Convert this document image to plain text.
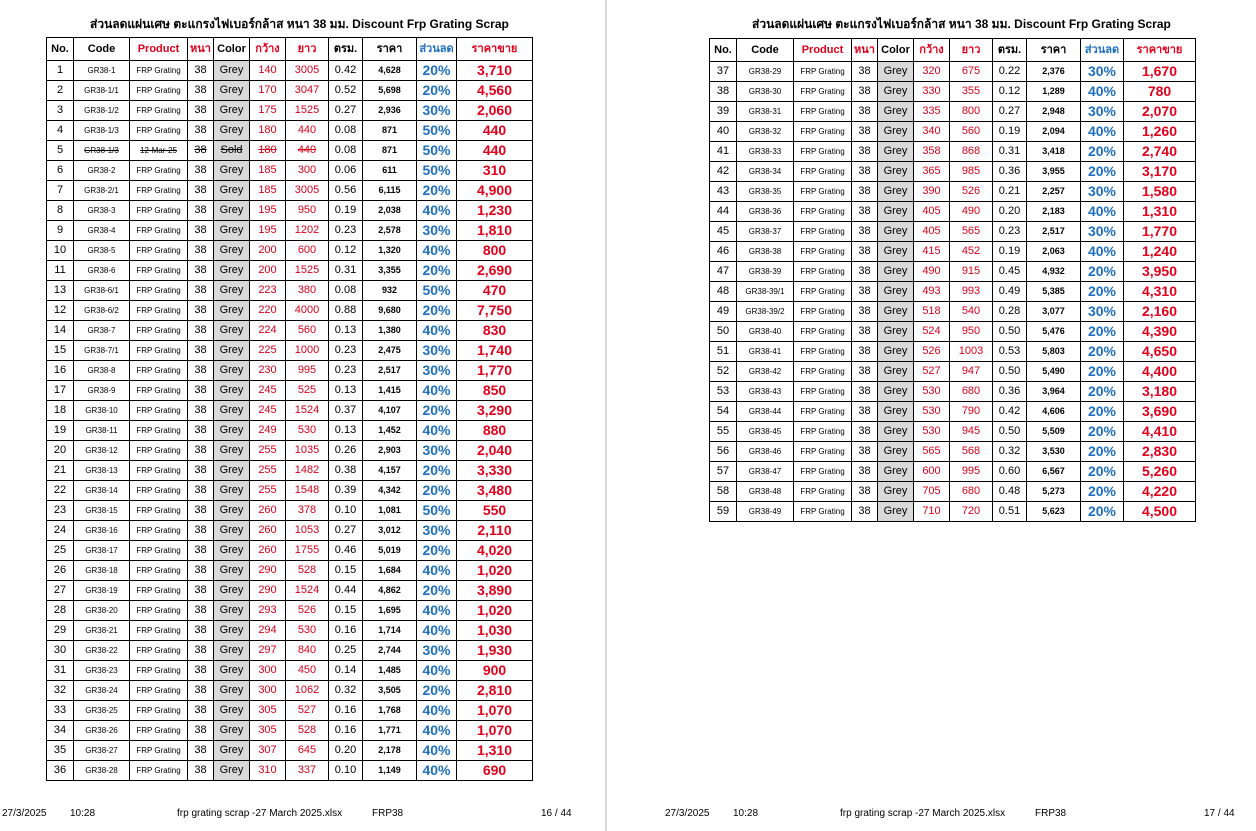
ส่วนลดแผ่นเศษ ตะแกรงไฟเบอร์กล้าส หนา 38 มม. Discount Frp Grating Scrap
No.	Code	Product	หนา	Color	กว้าง	ยาว	ตรม.	ราคา	ส่วนลด	ราคาขาย
1	GR38-1	FRP Grating	38	Grey	140	3005	0.42	4,628	20%	3,710
2	GR38-1/1	FRP Grating	38	Grey	170	3047	0.52	5,698	20%	4,560
3	GR38-1/2	FRP Grating	38	Grey	175	1525	0.27	2,936	30%	2,060
4	GR38-1/3	FRP Grating	38	Grey	180	440	0.08	871	50%	440
5	GR38-1/3	12-Mar-25	38	Sold	180	440	0.08	871	50%	440
6	GR38-2	FRP Grating	38	Grey	185	300	0.06	611	50%	310
7	GR38-2/1	FRP Grating	38	Grey	185	3005	0.56	6,115	20%	4,900
8	GR38-3	FRP Grating	38	Grey	195	950	0.19	2,038	40%	1,230
9	GR38-4	FRP Grating	38	Grey	195	1202	0.23	2,578	30%	1,810
10	GR38-5	FRP Grating	38	Grey	200	600	0.12	1,320	40%	800
11	GR38-6	FRP Grating	38	Grey	200	1525	0.31	3,355	20%	2,690
13	GR38-6/1	FRP Grating	38	Grey	223	380	0.08	932	50%	470
12	GR38-6/2	FRP Grating	38	Grey	220	4000	0.88	9,680	20%	7,750
14	GR38-7	FRP Grating	38	Grey	224	560	0.13	1,380	40%	830
15	GR38-7/1	FRP Grating	38	Grey	225	1000	0.23	2,475	30%	1,740
16	GR38-8	FRP Grating	38	Grey	230	995	0.23	2,517	30%	1,770
17	GR38-9	FRP Grating	38	Grey	245	525	0.13	1,415	40%	850
18	GR38-10	FRP Grating	38	Grey	245	1524	0.37	4,107	20%	3,290
19	GR38-11	FRP Grating	38	Grey	249	530	0.13	1,452	40%	880
20	GR38-12	FRP Grating	38	Grey	255	1035	0.26	2,903	30%	2,040
21	GR38-13	FRP Grating	38	Grey	255	1482	0.38	4,157	20%	3,330
22	GR38-14	FRP Grating	38	Grey	255	1548	0.39	4,342	20%	3,480
23	GR38-15	FRP Grating	38	Grey	260	378	0.10	1,081	50%	550
24	GR38-16	FRP Grating	38	Grey	260	1053	0.27	3,012	30%	2,110
25	GR38-17	FRP Grating	38	Grey	260	1755	0.46	5,019	20%	4,020
26	GR38-18	FRP Grating	38	Grey	290	528	0.15	1,684	40%	1,020
27	GR38-19	FRP Grating	38	Grey	290	1524	0.44	4,862	20%	3,890
28	GR38-20	FRP Grating	38	Grey	293	526	0.15	1,695	40%	1,020
29	GR38-21	FRP Grating	38	Grey	294	530	0.16	1,714	40%	1,030
30	GR38-22	FRP Grating	38	Grey	297	840	0.25	2,744	30%	1,930
31	GR38-23	FRP Grating	38	Grey	300	450	0.14	1,485	40%	900
32	GR38-24	FRP Grating	38	Grey	300	1062	0.32	3,505	20%	2,810
33	GR38-25	FRP Grating	38	Grey	305	527	0.16	1,768	40%	1,070
34	GR38-26	FRP Grating	38	Grey	305	528	0.16	1,771	40%	1,070
35	GR38-27	FRP Grating	38	Grey	307	645	0.20	2,178	40%	1,310
36	GR38-28	FRP Grating	38	Grey	310	337	0.10	1,149	40%	690
27/3/2025 10:28	frp grating scrap -27 March 2025.xlsx	FRP38	16 / 44
ส่วนลดแผ่นเศษ ตะแกรงไฟเบอร์กล้าส หนา 38 มม. Discount Frp Grating Scrap
No.	Code	Product	หนา	Color	กว้าง	ยาว	ตรม.	ราคา	ส่วนลด	ราคาขาย
37	GR38-29	FRP Grating	38	Grey	320	675	0.22	2,376	30%	1,670
38	GR38-30	FRP Grating	38	Grey	330	355	0.12	1,289	40%	780
39	GR38-31	FRP Grating	38	Grey	335	800	0.27	2,948	30%	2,070
40	GR38-32	FRP Grating	38	Grey	340	560	0.19	2,094	40%	1,260
41	GR38-33	FRP Grating	38	Grey	358	868	0.31	3,418	20%	2,740
42	GR38-34	FRP Grating	38	Grey	365	985	0.36	3,955	20%	3,170
43	GR38-35	FRP Grating	38	Grey	390	526	0.21	2,257	30%	1,580
44	GR38-36	FRP Grating	38	Grey	405	490	0.20	2,183	40%	1,310
45	GR38-37	FRP Grating	38	Grey	405	565	0.23	2,517	30%	1,770
46	GR38-38	FRP Grating	38	Grey	415	452	0.19	2,063	40%	1,240
47	GR38-39	FRP Grating	38	Grey	490	915	0.45	4,932	20%	3,950
48	GR38-39/1	FRP Grating	38	Grey	493	993	0.49	5,385	20%	4,310
49	GR38-39/2	FRP Grating	38	Grey	518	540	0.28	3,077	30%	2,160
50	GR38-40	FRP Grating	38	Grey	524	950	0.50	5,476	20%	4,390
51	GR38-41	FRP Grating	38	Grey	526	1003	0.53	5,803	20%	4,650
52	GR38-42	FRP Grating	38	Grey	527	947	0.50	5,490	20%	4,400
53	GR38-43	FRP Grating	38	Grey	530	680	0.36	3,964	20%	3,180
54	GR38-44	FRP Grating	38	Grey	530	790	0.42	4,606	20%	3,690
55	GR38-45	FRP Grating	38	Grey	530	945	0.50	5,509	20%	4,410
56	GR38-46	FRP Grating	38	Grey	565	568	0.32	3,530	20%	2,830
57	GR38-47	FRP Grating	38	Grey	600	995	0.60	6,567	20%	5,260
58	GR38-48	FRP Grating	38	Grey	705	680	0.48	5,273	20%	4,220
59	GR38-49	FRP Grating	38	Grey	710	720	0.51	5,623	20%	4,500
27/3/2025 10:28	frp grating scrap -27 March 2025.xlsx	FRP38	17 / 44
